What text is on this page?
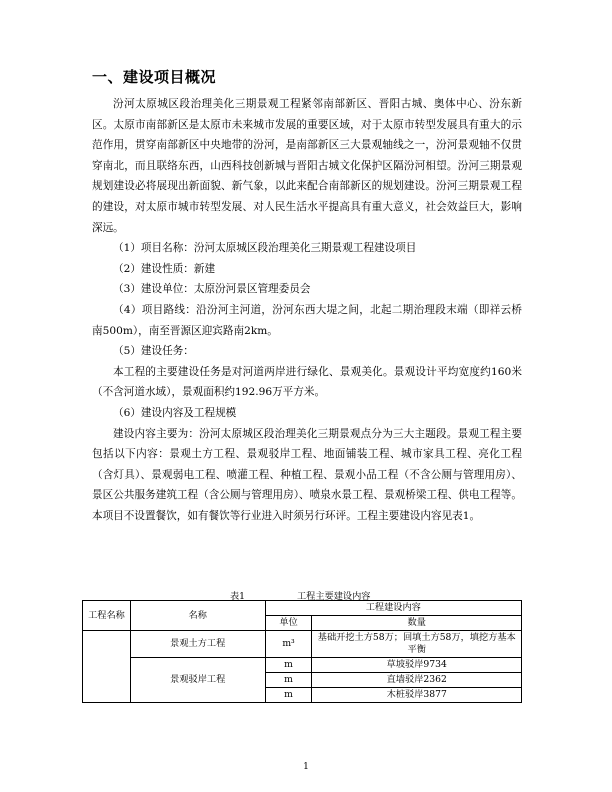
一、建设项目概况

汾河太原城区段治理美化三期景观工程紧邻南部新区、晋阳古城、奥体中心、汾东新区。太原市南部新区是太原市未来城市发展的重要区域，对于太原市转型发展具有重大的示范作用，贯穿南部新区中央地带的汾河，是南部新区三大景观轴线之一，汾河景观轴不仅贯穿南北，而且联络东西，山西科技创新城与晋阳古城文化保护区隔汾河相望。汾河三期景观规划建设必将展现出新面貌、新气象，以此来配合南部新区的规划建设。汾河三期景观工程的建设，对太原市城市转型发展、对人民生活水平提高具有重大意义，社会效益巨大，影响深远。

（1）项目名称：汾河太原城区段治理美化三期景观工程建设项目

（2）建设性质：新建

（3）建设单位：太原汾河景区管理委员会

（4）项目路线：沿汾河主河道，汾河东西大堤之间，北起二期治理段末端（即祥云桥南500m），南至晋源区迎宾路南2km。

（5）建设任务：

本工程的主要建设任务是对河道两岸进行绿化、景观美化。景观设计平均宽度约160米（不含河道水域），景观面积约192.96万平方米。

（6）建设内容及工程规模

建设内容主要为：汾河太原城区段治理美化三期景观点分为三大主题段。景观工程主要包括以下内容：景观土方工程、景观驳岸工程、地面铺装工程、城市家具工程、亮化工程（含灯具）、景观弱电工程、喷灌工程、种植工程、景观小品工程（不含公厕与管理用房）、景区公共服务建筑工程（含公厕与管理用房）、喷泉水景工程、景观桥梁工程、供电工程等。本项目不设置餐饮，如有餐饮等行业进入时须另行环评。工程主要建设内容见表1。

表1	工程主要建设内容
工程名称	名称	工程建设内容	
		单位	数量
	景观土方工程	m³	基础开挖土方58万；回填土方58万，填挖方基本平衡
	景观驳岸工程	m	草坡驳岸9734
		m	直墙驳岸2362
		m	木桩驳岸3877
1
